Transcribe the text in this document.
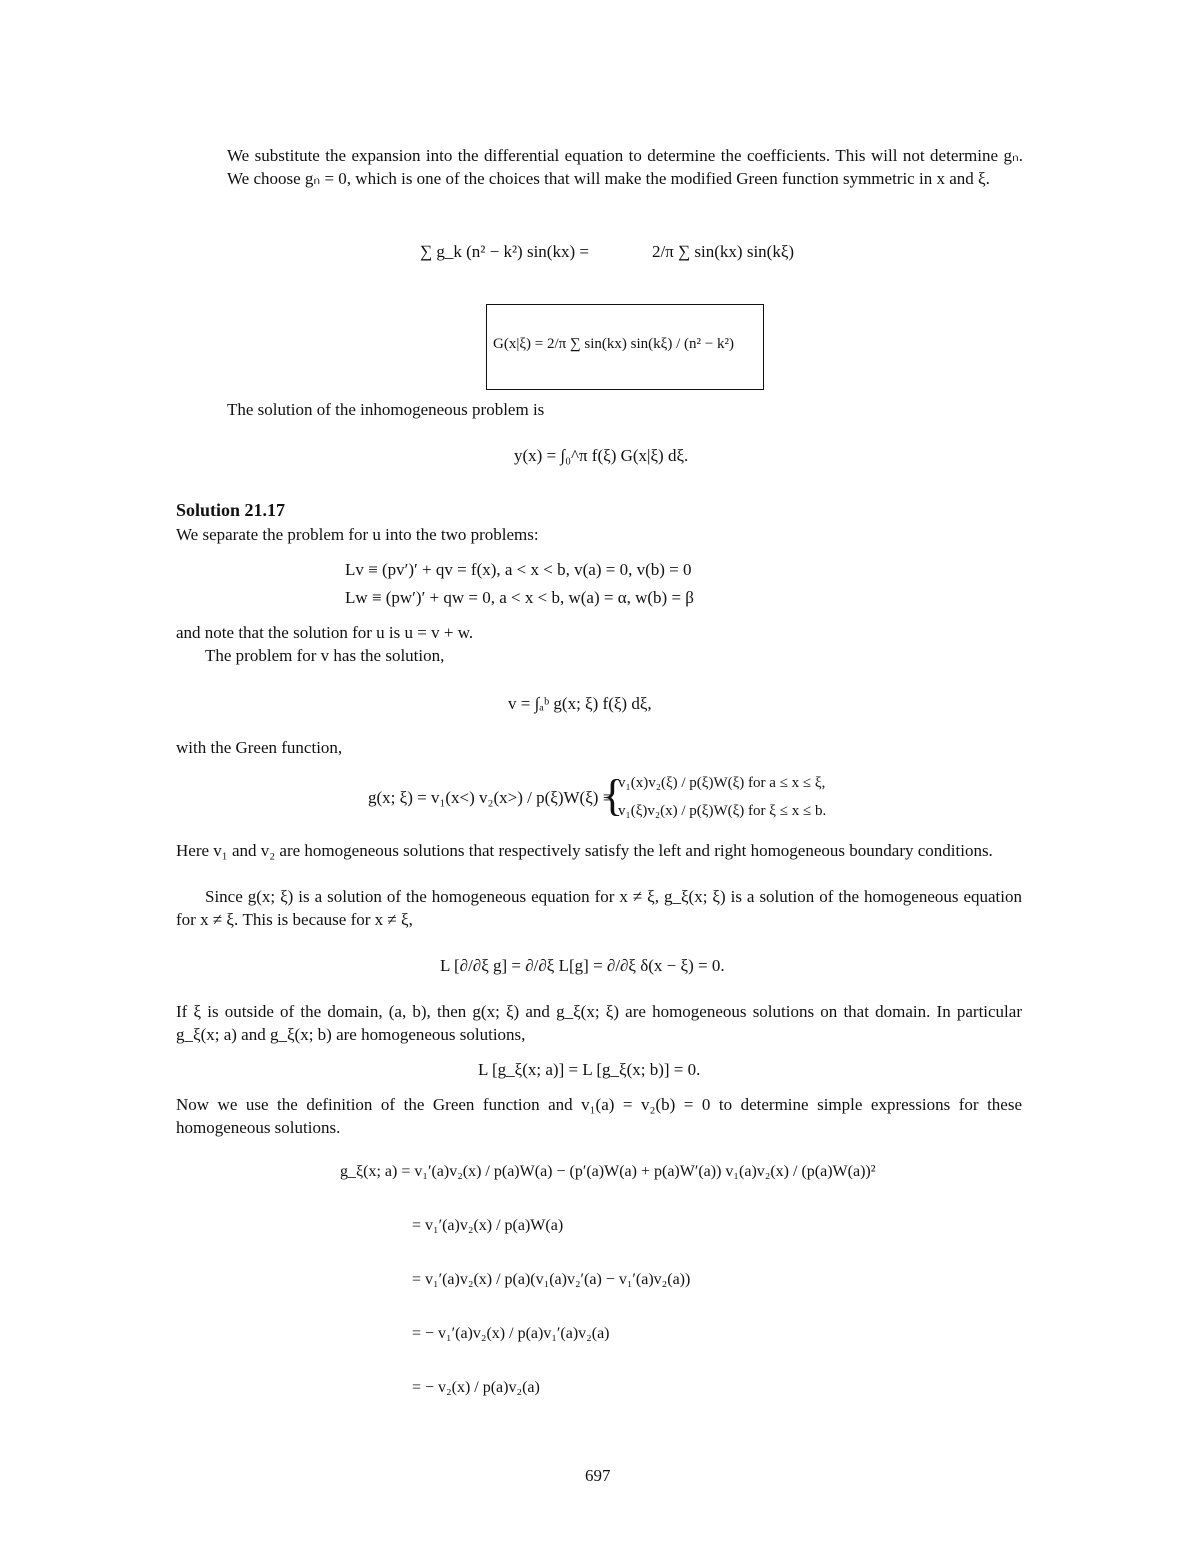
We substitute the expansion into the differential equation to determine the coefficients. This will not determine gₙ. We choose gₙ = 0, which is one of the choices that will make the modified Green function symmetric in x and ξ.
∑ g_k (n² − k²) sin(kx) =	2/π ∑ sin(kx) sin(kξ)
G(x|ξ) = 2/π ∑ sin(kx) sin(kξ) / (n² − k²)
The solution of the inhomogeneous problem is
y(x) = ∫₀^π f(ξ) G(x|ξ) dξ.
Solution 21.17
We separate the problem for u into the two problems:
Lv ≡ (pv′)′ + qv = f(x), a < x < b, v(a) = 0, v(b) = 0
Lw ≡ (pw′)′ + qw = 0, a < x < b, w(a) = α, w(b) = β
and note that the solution for u is u = v + w.
The problem for v has the solution,
v = ∫ₐᵇ g(x; ξ) f(ξ) dξ,
with the Green function,
g(x; ξ) = v₁(x<) v₂(x>) / p(ξ)W(ξ) ≡
{
v₁(x)v₂(ξ) / p(ξ)W(ξ) for a ≤ x ≤ ξ,
v₁(ξ)v₂(x) / p(ξ)W(ξ) for ξ ≤ x ≤ b.
Here v₁ and v₂ are homogeneous solutions that respectively satisfy the left and right homogeneous boundary conditions.
Since g(x; ξ) is a solution of the homogeneous equation for x ≠ ξ, g_ξ(x; ξ) is a solution of the homogeneous equation for x ≠ ξ. This is because for x ≠ ξ,
L [∂/∂ξ g] = ∂/∂ξ L[g] = ∂/∂ξ δ(x − ξ) = 0.
If ξ is outside of the domain, (a, b), then g(x; ξ) and g_ξ(x; ξ) are homogeneous solutions on that domain. In particular g_ξ(x; a) and g_ξ(x; b) are homogeneous solutions,
L [g_ξ(x; a)] = L [g_ξ(x; b)] = 0.
Now we use the definition of the Green function and v₁(a) = v₂(b) = 0 to determine simple expressions for these homogeneous solutions.
g_ξ(x; a) = v₁′(a)v₂(x) / p(a)W(a) − (p′(a)W(a) + p(a)W′(a)) v₁(a)v₂(x) / (p(a)W(a))²
= v₁′(a)v₂(x) / p(a)W(a)
= v₁′(a)v₂(x) / p(a)(v₁(a)v₂′(a) − v₁′(a)v₂(a))
= − v₁′(a)v₂(x) / p(a)v₁′(a)v₂(a)
= − v₂(x) / p(a)v₂(a)
697
